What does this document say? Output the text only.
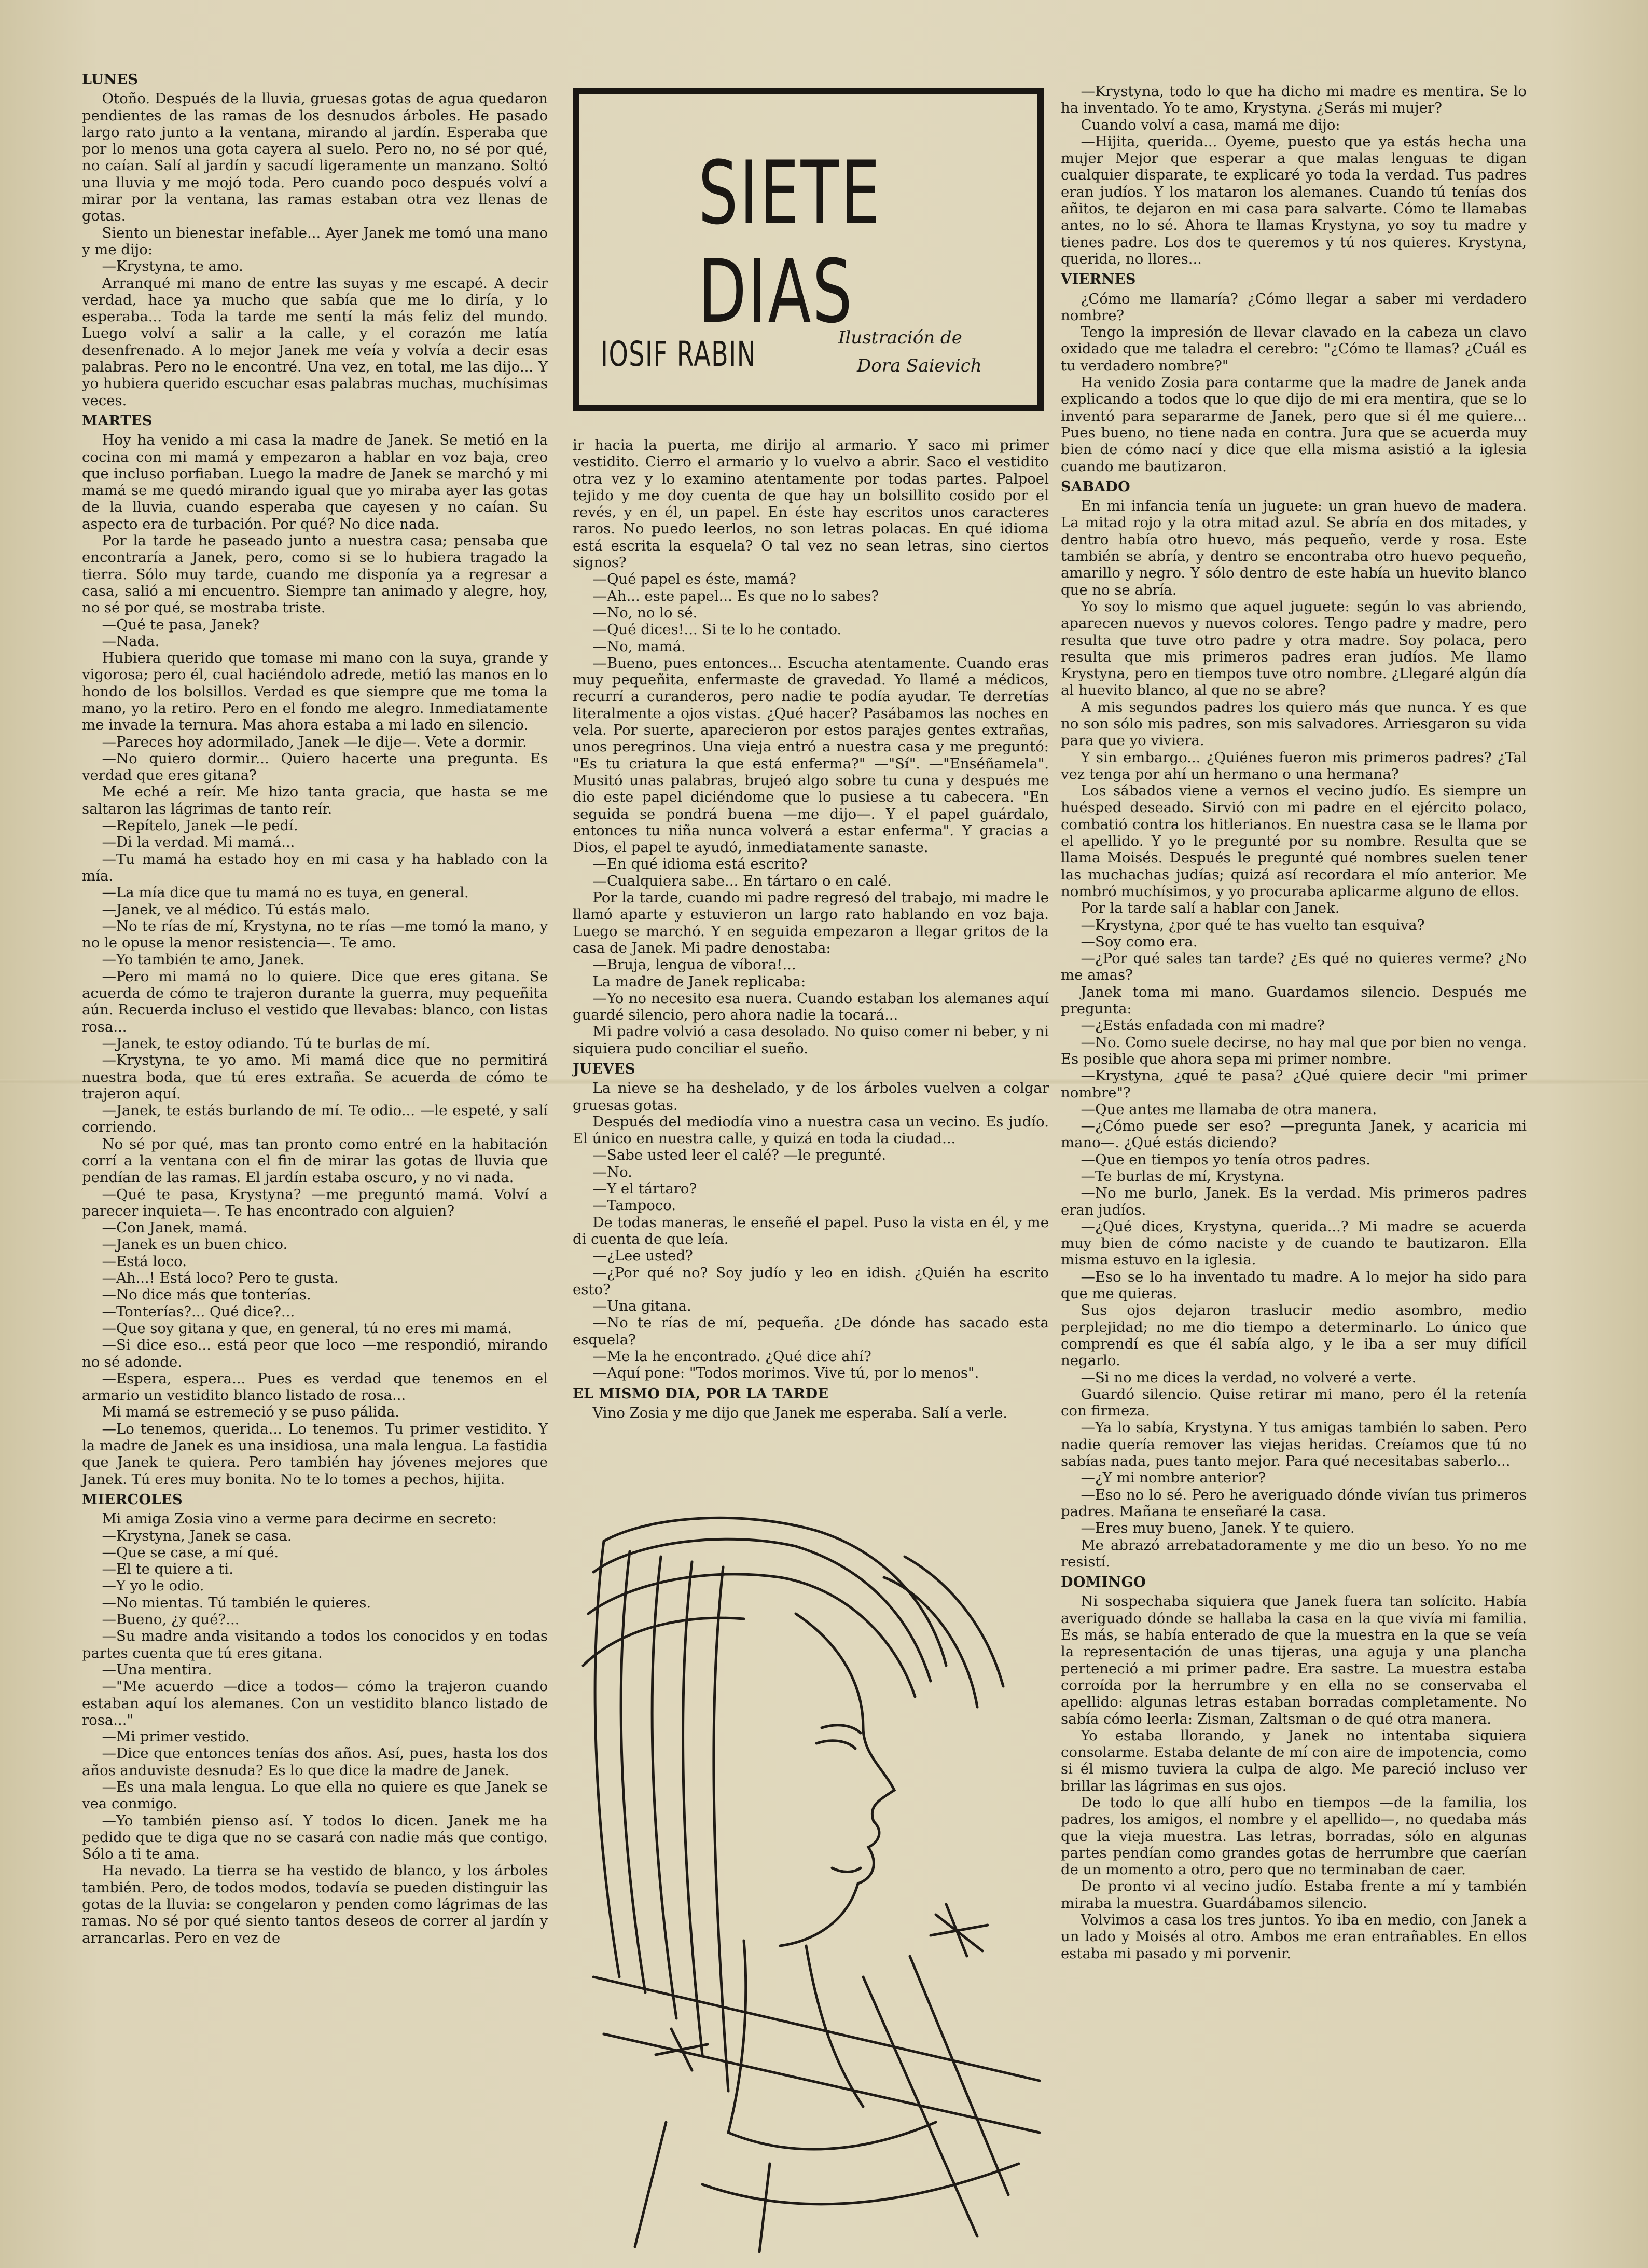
LUNES

Otoño. Después de la lluvia, gruesas gotas de agua quedaron pendientes de las ramas de los desnudos árboles. He pasado largo rato junto a la ventana, mirando al jardín. Esperaba que por lo menos una gota cayera al suelo. Pero no, no sé por qué, no caían. Salí al jardín y sacudí ligeramente un manzano. Soltó una lluvia y me mojó toda. Pero cuando poco después volví a mirar por la ventana, las ramas estaban otra vez llenas de gotas.

Siento un bienestar inefable... Ayer Janek me tomó una mano y me dijo:

—Krystyna, te amo.

Arranqué mi mano de entre las suyas y me escapé. A decir verdad, hace ya mucho que sabía que me lo diría, y lo esperaba... Toda la tarde me sentí la más feliz del mundo. Luego volví a salir a la calle, y el corazón me latía desenfrenado. A lo mejor Janek me veía y volvía a decir esas palabras. Pero no le encontré. Una vez, en total, me las dijo... Y yo hubiera querido escuchar esas palabras muchas, muchísimas veces.

MARTES

Hoy ha venido a mi casa la madre de Janek. Se metió en la cocina con mi mamá y empezaron a hablar en voz baja, creo que incluso porfiaban. Luego la madre de Janek se marchó y mi mamá se me quedó mirando igual que yo miraba ayer las gotas de la lluvia, cuando esperaba que cayesen y no caían. Su aspecto era de turbación. Por qué? No dice nada.

Por la tarde he paseado junto a nuestra casa; pensaba que encontraría a Janek, pero, como si se lo hubiera tragado la tierra. Sólo muy tarde, cuando me disponía ya a regresar a casa, salió a mi encuentro. Siempre tan animado y alegre, hoy, no sé por qué, se mostraba triste.

—Qué te pasa, Janek?

—Nada.

Hubiera querido que tomase mi mano con la suya, grande y vigorosa; pero él, cual haciéndolo adrede, metió las manos en lo hondo de los bolsillos. Verdad es que siempre que me toma la mano, yo la retiro. Pero en el fondo me alegro. Inmediatamente me invade la ternura. Mas ahora estaba a mi lado en silencio.

—Pareces hoy adormilado, Janek —le dije—. Vete a dormir.

—No quiero dormir... Quiero hacerte una pregunta. Es verdad que eres gitana?

Me eché a reír. Me hizo tanta gracia, que hasta se me saltaron las lágrimas de tanto reír.

—Repítelo, Janek —le pedí.

—Di la verdad. Mi mamá...

—Tu mamá ha estado hoy en mi casa y ha hablado con la mía.

—La mía dice que tu mamá no es tuya, en general.

—Janek, ve al médico. Tú estás malo.

—No te rías de mí, Krystyna, no te rías —me tomó la mano, y no le opuse la menor resistencia—. Te amo.

—Yo también te amo, Janek.

—Pero mi mamá no lo quiere. Dice que eres gitana. Se acuerda de cómo te trajeron durante la guerra, muy pequeñita aún. Recuerda incluso el vestido que llevabas: blanco, con listas rosa...

—Janek, te estoy odiando. Tú te burlas de mí.

—Krystyna, te yo amo. Mi mamá dice que no permitirá nuestra boda, que tú eres extraña. Se acuerda de cómo te trajeron aquí.

—Janek, te estás burlando de mí. Te odio... —le espeté, y salí corriendo.

No sé por qué, mas tan pronto como entré en la habitación corrí a la ventana con el fin de mirar las gotas de lluvia que pendían de las ramas. El jardín estaba oscuro, y no vi nada.

—Qué te pasa, Krystyna? —me preguntó mamá. Volví a parecer inquieta—. Te has encontrado con alguien?

—Con Janek, mamá.

—Janek es un buen chico.

—Está loco.

—Ah...! Está loco? Pero te gusta.

—No dice más que tonterías.

—Tonterías?... Qué dice?...

—Que soy gitana y que, en general, tú no eres mi mamá.

—Si dice eso... está peor que loco —me respondió, mirando no sé adonde.

—Espera, espera... Pues es verdad que tenemos en el armario un vestidito blanco listado de rosa...

Mi mamá se estremeció y se puso pálida.

—Lo tenemos, querida... Lo tenemos. Tu primer vestidito. Y la madre de Janek es una insidiosa, una mala lengua. La fastidia que Janek te quiera. Pero también hay jóvenes mejores que Janek. Tú eres muy bonita. No te lo tomes a pechos, hijita.

MIERCOLES

Mi amiga Zosia vino a verme para decirme en secreto:

—Krystyna, Janek se casa.

—Que se case, a mí qué.

—El te quiere a ti.

—Y yo le odio.

—No mientas. Tú también le quieres.

—Bueno, ¿y qué?...

—Su madre anda visitando a todos los conocidos y en todas partes cuenta que tú eres gitana.

—Una mentira.

—"Me acuerdo —dice a todos— cómo la trajeron cuando estaban aquí los alemanes. Con un vestidito blanco listado de rosa..."

—Mi primer vestido.

—Dice que entonces tenías dos años. Así, pues, hasta los dos años anduviste desnuda? Es lo que dice la madre de Janek.

—Es una mala lengua. Lo que ella no quiere es que Janek se vea conmigo.

—Yo también pienso así. Y todos lo dicen. Janek me ha pedido que te diga que no se casará con nadie más que contigo. Sólo a ti te ama.

Ha nevado. La tierra se ha vestido de blanco, y los árboles también. Pero, de todos modos, todavía se pueden distinguir las gotas de la lluvia: se congelaron y penden como lágrimas de las ramas. No sé por qué siento tantos deseos de correr al jardín y arrancarlas. Pero en vez de

SIETE
DIAS
IOSIF RABIN	Ilustración de
Dora Saievich

ir hacia la puerta, me dirijo al armario. Y saco mi primer vestidito. Cierro el armario y lo vuelvo a abrir. Saco el vestidito otra vez y lo examino atentamente por todas partes. Palpoel tejido y me doy cuenta de que hay un bolsillito cosido por el revés, y en él, un papel. En éste hay escritos unos caracteres raros. No puedo leerlos, no son letras polacas. En qué idioma está escrita la esquela? O tal vez no sean letras, sino ciertos signos?

—Qué papel es éste, mamá?

—Ah... este papel... Es que no lo sabes?

—No, no lo sé.

—Qué dices!... Si te lo he contado.

—No, mamá.

—Bueno, pues entonces... Escucha atentamente. Cuando eras muy pequeñita, enfermaste de gravedad. Yo llamé a médicos, recurrí a curanderos, pero nadie te podía ayudar. Te derretías literalmente a ojos vistas. ¿Qué hacer? Pasábamos las noches en vela. Por suerte, aparecieron por estos parajes gentes extrañas, unos peregrinos. Una vieja entró a nuestra casa y me preguntó: "Es tu criatura la que está enferma?" —"Sí". —"Enséñamela". Musitó unas palabras, brujeó algo sobre tu cuna y después me dio este papel diciéndome que lo pusiese a tu cabecera. "En seguida se pondrá buena —me dijo—. Y el papel guárdalo, entonces tu niña nunca volverá a estar enferma". Y gracias a Dios, el papel te ayudó, inmediatamente sanaste.

—En qué idioma está escrito?

—Cualquiera sabe... En tártaro o en calé.

Por la tarde, cuando mi padre regresó del trabajo, mi madre le llamó aparte y estuvieron un largo rato hablando en voz baja. Luego se marchó. Y en seguida empezaron a llegar gritos de la casa de Janek. Mi padre denostaba:

—Bruja, lengua de víbora!...

La madre de Janek replicaba:

—Yo no necesito esa nuera. Cuando estaban los alemanes aquí guardé silencio, pero ahora nadie la tocará...

Mi padre volvió a casa desolado. No quiso comer ni beber, y ni siquiera pudo conciliar el sueño.

JUEVES

La nieve se ha deshelado, y de los árboles vuelven a colgar gruesas gotas.

Después del mediodía vino a nuestra casa un vecino. Es judío. El único en nuestra calle, y quizá en toda la ciudad...

—Sabe usted leer el calé? —le pregunté.

—No.

—Y el tártaro?

—Tampoco.

De todas maneras, le enseñé el papel. Puso la vista en él, y me di cuenta de que leía.

—¿Lee usted?

—¿Por qué no? Soy judío y leo en idish. ¿Quién ha escrito esto?

—Una gitana.

—No te rías de mí, pequeña. ¿De dónde has sacado esta esquela?

—Me la he encontrado. ¿Qué dice ahí?

—Aquí pone: "Todos morimos. Vive tú, por lo menos".

EL MISMO DIA, POR LA TARDE

Vino Zosia y me dijo que Janek me esperaba. Salí a verle.

—Krystyna, todo lo que ha dicho mi madre es mentira. Se lo ha inventado. Yo te amo, Krystyna. ¿Serás mi mujer?

Cuando volví a casa, mamá me dijo:

—Hijita, querida... Oyeme, puesto que ya estás hecha una mujer Mejor que esperar a que malas lenguas te digan cualquier disparate, te explicaré yo toda la verdad. Tus padres eran judíos. Y los mataron los alemanes. Cuando tú tenías dos añitos, te dejaron en mi casa para salvarte. Cómo te llamabas antes, no lo sé. Ahora te llamas Krystyna, yo soy tu madre y tienes padre. Los dos te queremos y tú nos quieres. Krystyna, querida, no llores...

VIERNES

¿Cómo me llamaría? ¿Cómo llegar a saber mi verdadero nombre?

Tengo la impresión de llevar clavado en la cabeza un clavo oxidado que me taladra el cerebro: "¿Cómo te llamas? ¿Cuál es tu verdadero nombre?"

Ha venido Zosia para contarme que la madre de Janek anda explicando a todos que lo que dijo de mi era mentira, que se lo inventó para separarme de Janek, pero que si él me quiere... Pues bueno, no tiene nada en contra. Jura que se acuerda muy bien de cómo nací y dice que ella misma asistió a la iglesia cuando me bautizaron.

SABADO

En mi infancia tenía un juguete: un gran huevo de madera. La mitad rojo y la otra mitad azul. Se abría en dos mitades, y dentro había otro huevo, más pequeño, verde y rosa. Este también se abría, y dentro se encontraba otro huevo pequeño, amarillo y negro. Y sólo dentro de este había un huevito blanco que no se abría.

Yo soy lo mismo que aquel juguete: según lo vas abriendo, aparecen nuevos y nuevos colores. Tengo padre y madre, pero resulta que tuve otro padre y otra madre. Soy polaca, pero resulta que mis primeros padres eran judíos. Me llamo Krystyna, pero en tiempos tuve otro nombre. ¿Llegaré algún día al huevito blanco, al que no se abre?

A mis segundos padres los quiero más que nunca. Y es que no son sólo mis padres, son mis salvadores. Arriesgaron su vida para que yo viviera.

Y sin embargo... ¿Quiénes fueron mis primeros padres? ¿Tal vez tenga por ahí un hermano o una hermana?

Los sábados viene a vernos el vecino judío. Es siempre un huésped deseado. Sirvió con mi padre en el ejército polaco, combatió contra los hitlerianos. En nuestra casa se le llama por el apellido. Y yo le pregunté por su nombre. Resulta que se llama Moisés. Después le pregunté qué nombres suelen tener las muchachas judías; quizá así recordara el mío anterior. Me nombró muchísimos, y yo procuraba aplicarme alguno de ellos.

Por la tarde salí a hablar con Janek.

—Krystyna, ¿por qué te has vuelto tan esquiva?

—Soy como era.

—¿Por qué sales tan tarde? ¿Es qué no quieres verme? ¿No me amas?

Janek toma mi mano. Guardamos silencio. Después me pregunta:

—¿Estás enfadada con mi madre?

—No. Como suele decirse, no hay mal que por bien no venga. Es posible que ahora sepa mi primer nombre.

—Krystyna, ¿qué te pasa? ¿Qué quiere decir "mi primer nombre"?

—Que antes me llamaba de otra manera.

—¿Cómo puede ser eso? —pregunta Janek, y acaricia mi mano—. ¿Qué estás diciendo?

—Que en tiempos yo tenía otros padres.

—Te burlas de mí, Krystyna.

—No me burlo, Janek. Es la verdad. Mis primeros padres eran judíos.

—¿Qué dices, Krystyna, querida...? Mi madre se acuerda muy bien de cómo naciste y de cuando te bautizaron. Ella misma estuvo en la iglesia.

—Eso se lo ha inventado tu madre. A lo mejor ha sido para que me quieras.

Sus ojos dejaron traslucir medio asombro, medio perplejidad; no me dio tiempo a determinarlo. Lo único que comprendí es que él sabía algo, y le iba a ser muy difícil negarlo.

—Si no me dices la verdad, no volveré a verte.

Guardó silencio. Quise retirar mi mano, pero él la retenía con firmeza.

—Ya lo sabía, Krystyna. Y tus amigas también lo saben. Pero nadie quería remover las viejas heridas. Creíamos que tú no sabías nada, pues tanto mejor. Para qué necesitabas saberlo...

—¿Y mi nombre anterior?

—Eso no lo sé. Pero he averiguado dónde vivían tus primeros padres. Mañana te enseñaré la casa.

—Eres muy bueno, Janek. Y te quiero.

Me abrazó arrebatadoramente y me dio un beso. Yo no me resistí.

DOMINGO

Ni sospechaba siquiera que Janek fuera tan solícito. Había averiguado dónde se hallaba la casa en la que vivía mi familia. Es más, se había enterado de que la muestra en la que se veía la representación de unas tijeras, una aguja y una plancha perteneció a mi primer padre. Era sastre. La muestra estaba corroída por la herrumbre y en ella no se conservaba el apellido: algunas letras estaban borradas completamente. No sabía cómo leerla: Zisman, Zaltsman o de qué otra manera.

Yo estaba llorando, y Janek no intentaba siquiera consolarme. Estaba delante de mí con aire de impotencia, como si él mismo tuviera la culpa de algo. Me pareció incluso ver brillar las lágrimas en sus ojos.

De todo lo que allí hubo en tiempos —de la familia, los padres, los amigos, el nombre y el apellido—, no quedaba más que la vieja muestra. Las letras, borradas, sólo en algunas partes pendían como grandes gotas de herrumbre que caerían de un momento a otro, pero que no terminaban de caer.

De pronto vi al vecino judío. Estaba frente a mí y también miraba la muestra. Guardábamos silencio.

Volvimos a casa los tres juntos. Yo iba en medio, con Janek a un lado y Moisés al otro. Ambos me eran entrañables. En ellos estaba mi pasado y mi porvenir.
